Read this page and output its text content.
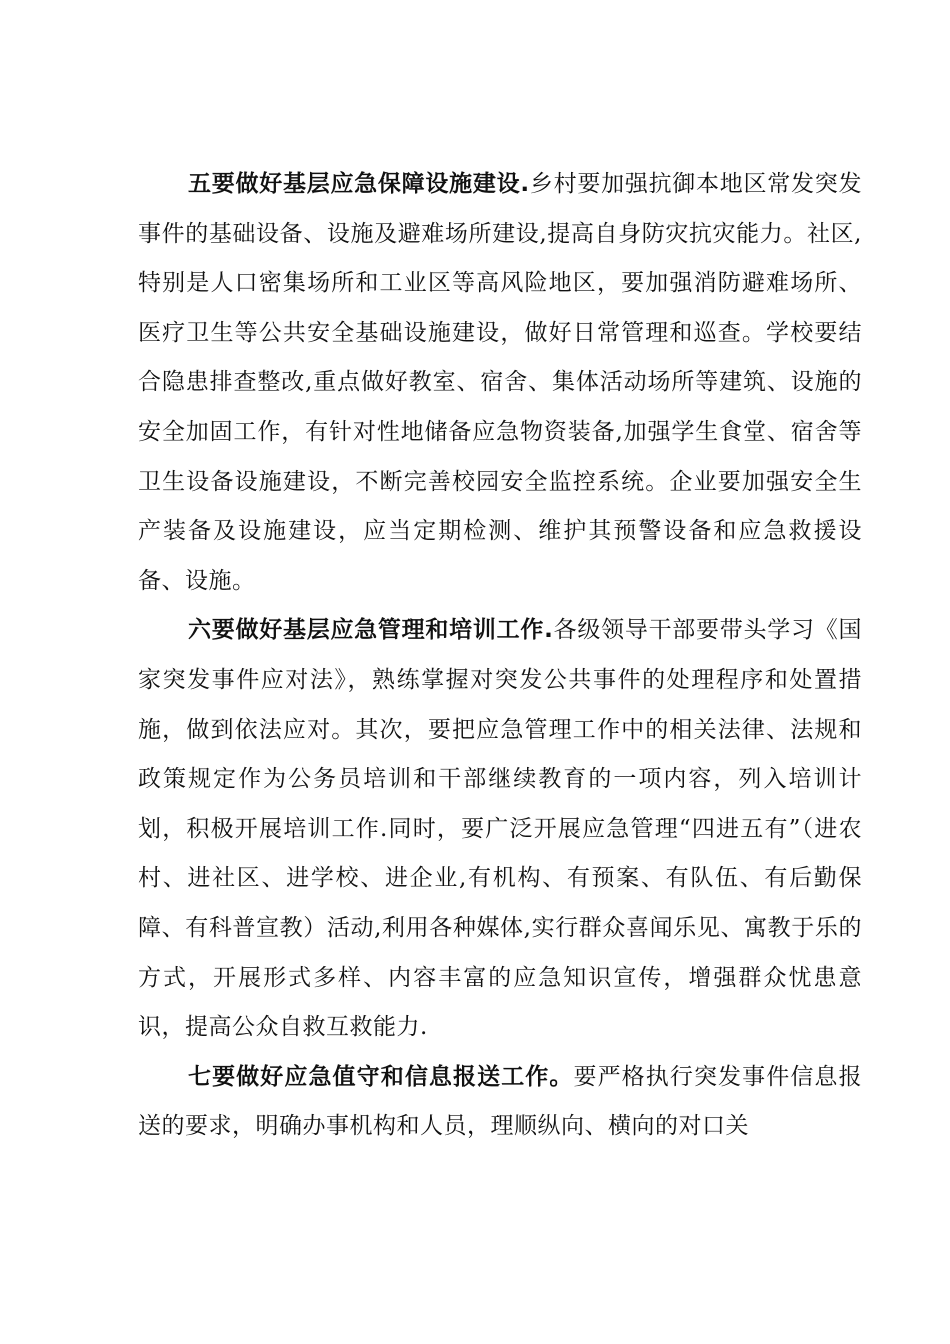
五要做好基层应急保障设施建设.乡村要加强抗御本地区常发突发事件的基础设备、设施及避难场所建设,提高自身防灾抗灾能力。社区,特别是人口密集场所和工业区等高风险地区，要加强消防避难场所、医疗卫生等公共安全基础设施建设，做好日常管理和巡查。学校要结合隐患排查整改,重点做好教室、宿舍、集体活动场所等建筑、设施的安全加固工作，有针对性地储备应急物资装备,加强学生食堂、宿舍等卫生设备设施建设，不断完善校园安全监控系统。企业要加强安全生产装备及设施建设，应当定期检测、维护其预警设备和应急救援设备、设施。

六要做好基层应急管理和培训工作.各级领导干部要带头学习《国家突发事件应对法》，熟练掌握对突发公共事件的处理程序和处置措施，做到依法应对。其次，要把应急管理工作中的相关法律、法规和政策规定作为公务员培训和干部继续教育的一项内容，列入培训计划，积极开展培训工作.同时，要广泛开展应急管理“四进五有”（进农村、进社区、进学校、进企业,有机构、有预案、有队伍、有后勤保障、有科普宣教）活动,利用各种媒体,实行群众喜闻乐见、寓教于乐的方式，开展形式多样、内容丰富的应急知识宣传，增强群众忧患意识，提高公众自救互救能力.

七要做好应急值守和信息报送工作。要严格执行突发事件信息报送的要求，明确办事机构和人员，理顺纵向、横向的对口关
